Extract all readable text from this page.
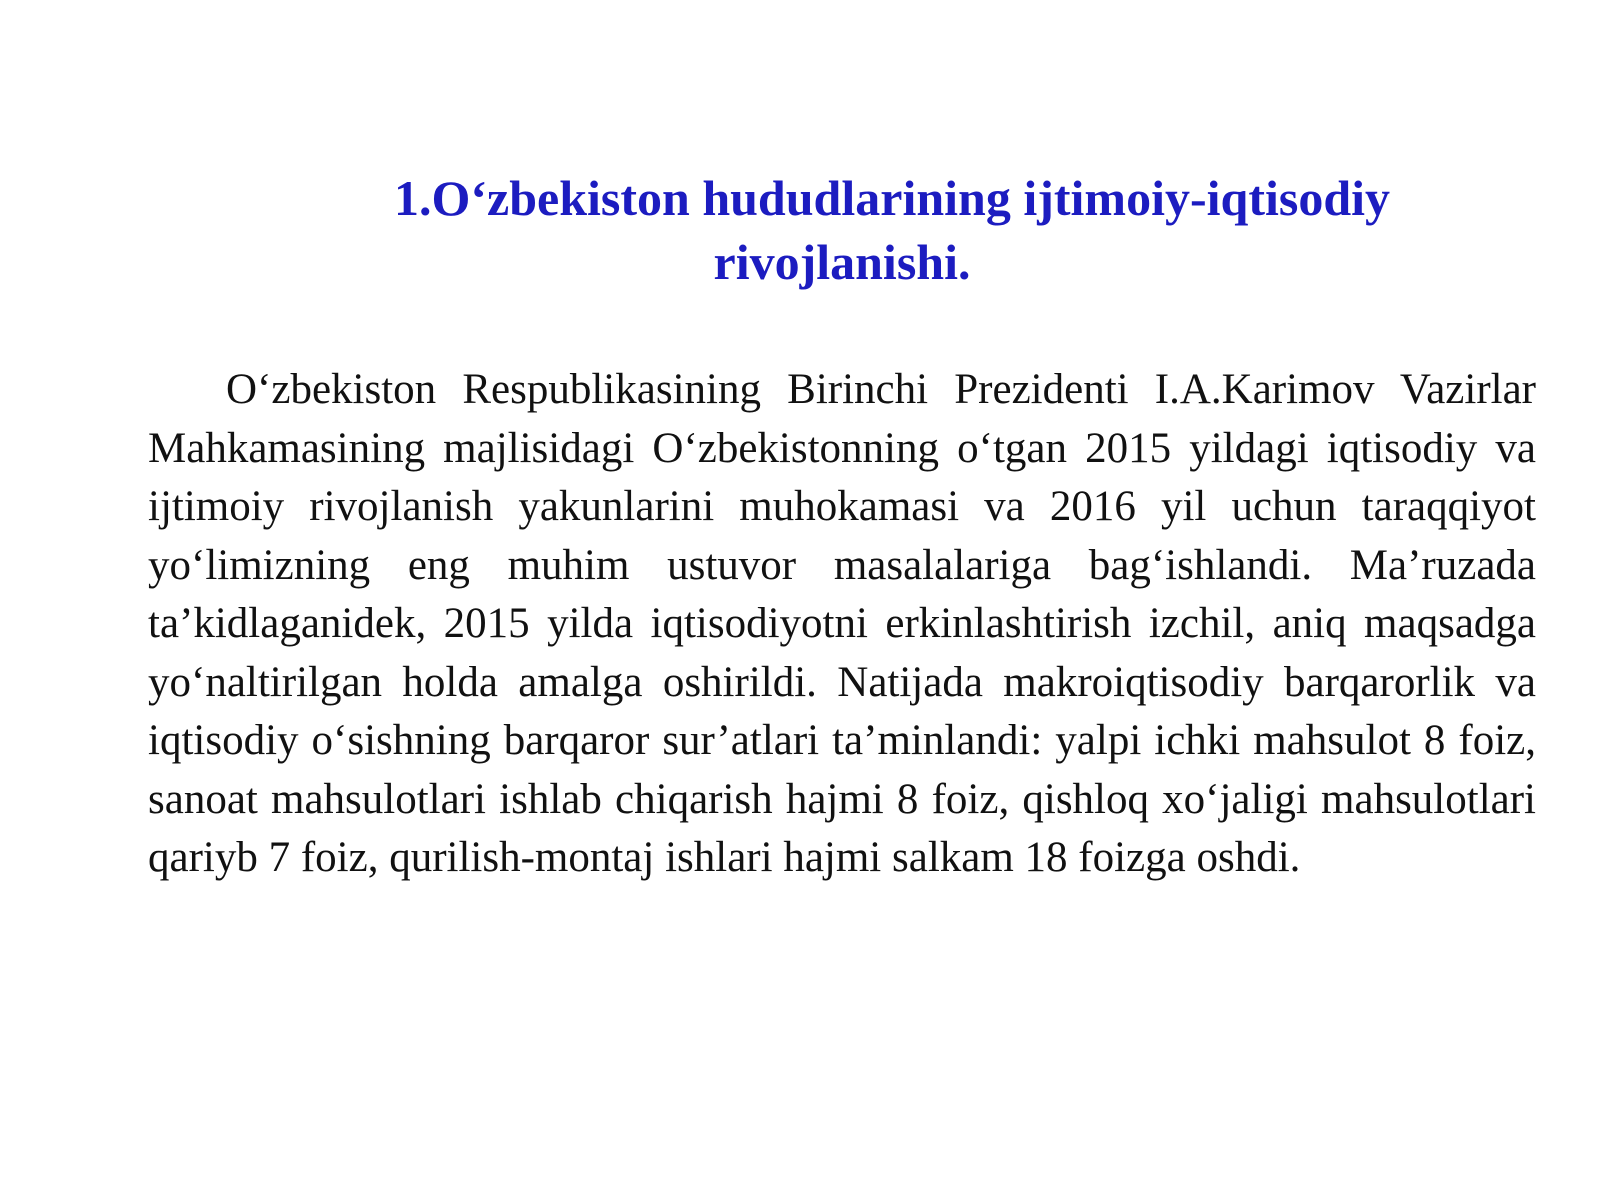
1.O‘zbekiston hududlarining ijtimoiy-iqtisodiy
rivojlanishi.

O‘zbekiston Respublikasining Birinchi Prezidenti I.A.Karimov Vazirlar Mahkamasining majlisidagi O‘zbekistonning o‘tgan 2015 yildagi iqtisodiy va ijtimoiy rivojlanish yakunlarini muhokamasi va 2016 yil uchun taraqqiyot yo‘limizning eng muhim ustuvor masalalariga bag‘ishlandi. Ma’ruzada ta’kidlaganidek, 2015 yilda iqtisodiyotni erkinlashtirish izchil, aniq maqsadga yo‘naltirilgan holda amalga oshirildi. Natijada makroiqtisodiy barqarorlik va iqtisodiy o‘sishning barqaror sur’atlari ta’minlandi: yalpi ichki mahsulot 8 foiz, sanoat mahsulotlari ishlab chiqarish hajmi 8 foiz, qishloq xo‘jaligi mahsulotlari qariyb 7 foiz, qurilish-montaj ishlari hajmi salkam 18 foizga oshdi.
